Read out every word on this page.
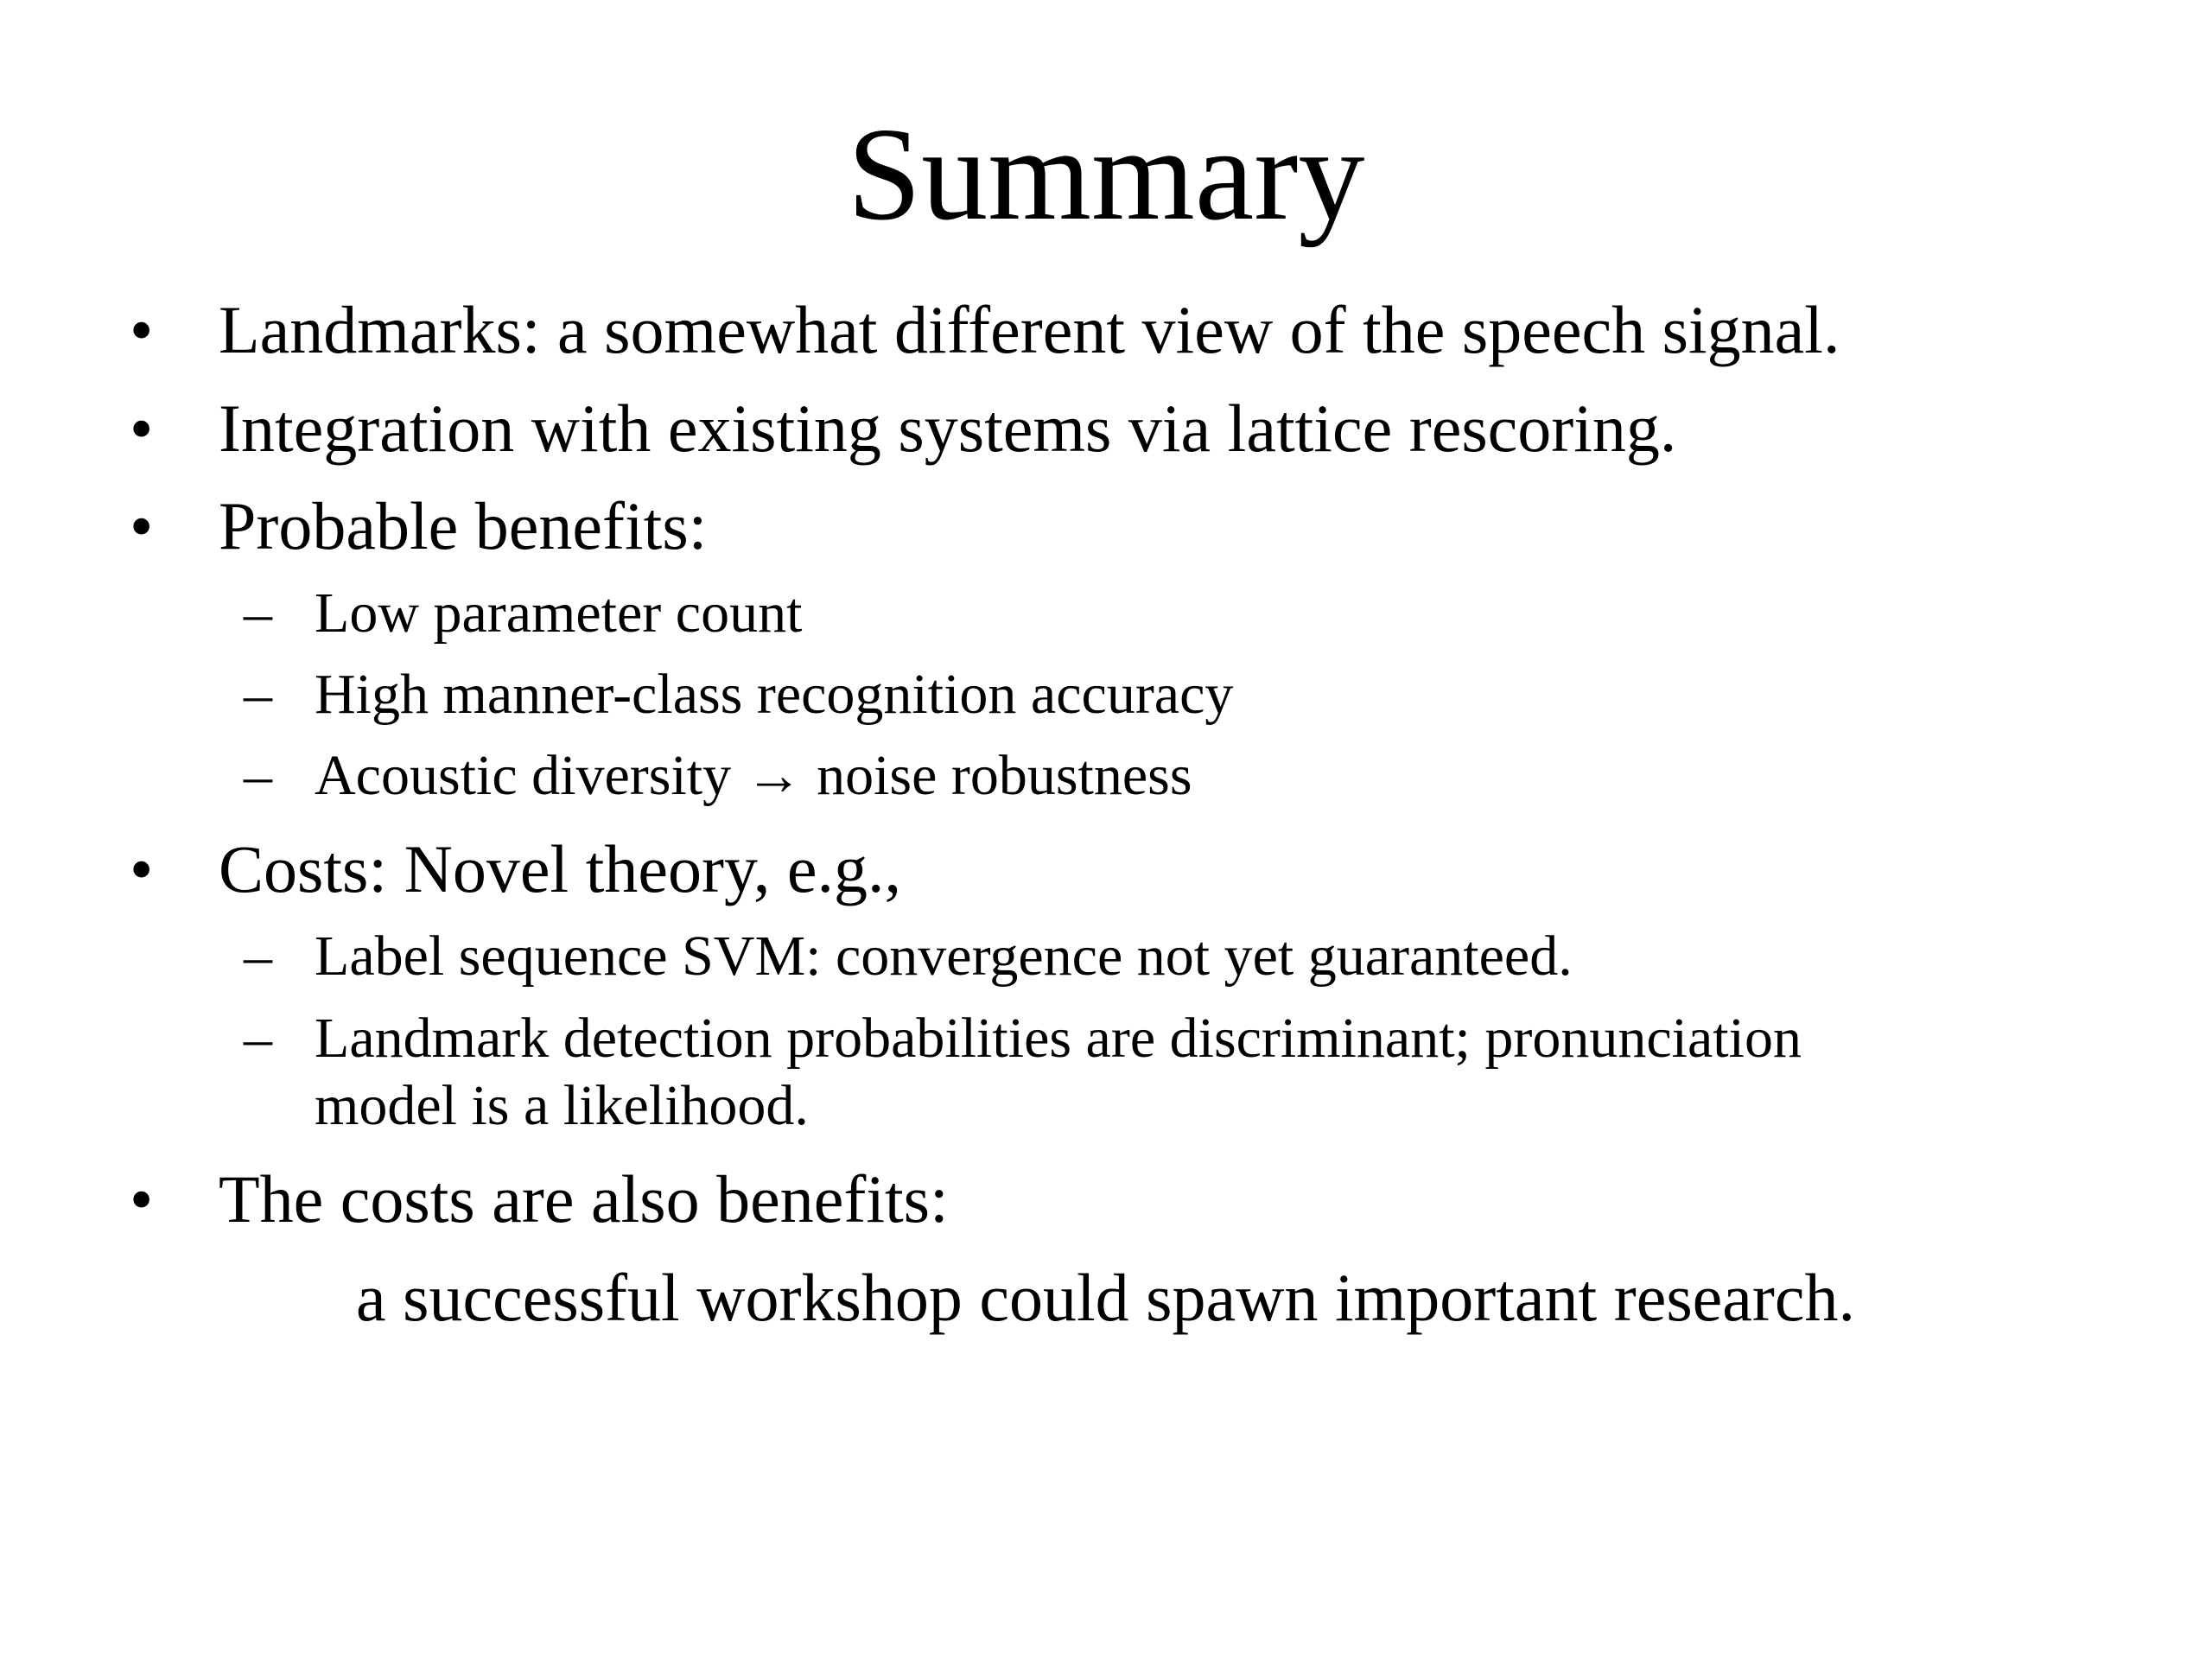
Summary
• Landmarks: a somewhat different view of the speech signal.
• Integration with existing systems via lattice rescoring.
• Probable benefits:
– Low parameter count
– High manner-class recognition accuracy
– Acoustic diversity → noise robustness
• Costs: Novel theory, e.g.,
– Label sequence SVM: convergence not yet guaranteed.
– Landmark detection probabilities are discriminant; pronunciation
model is a likelihood.
• The costs are also benefits:
a successful workshop could spawn important research.
